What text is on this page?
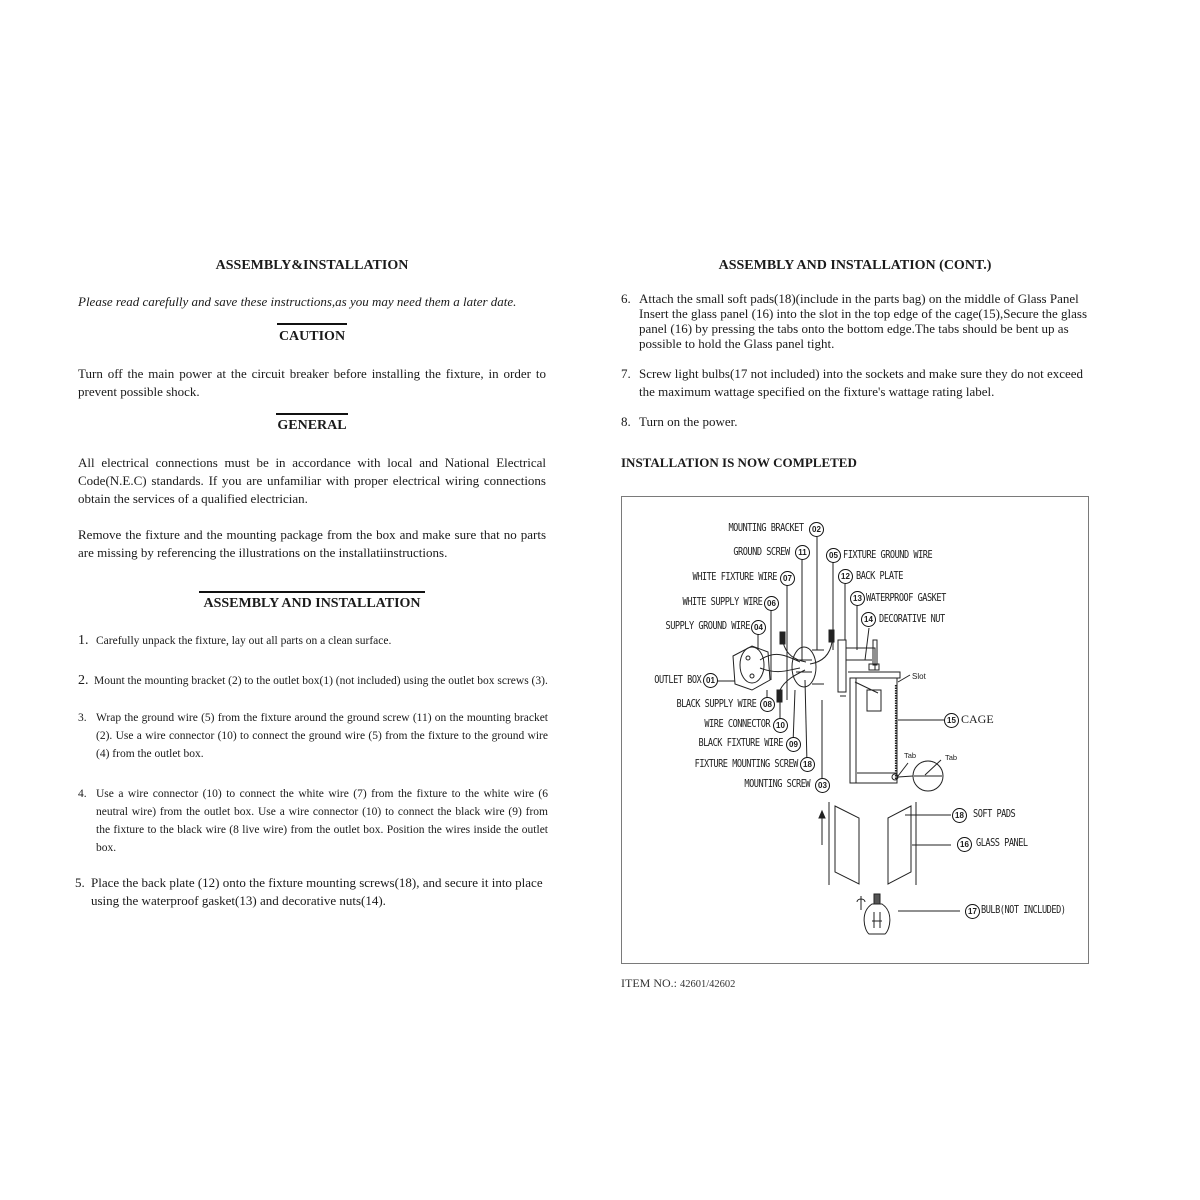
ASSEMBLY&INSTALLATION
Please read carefully and save these instructions,as you may need them a later date.
CAUTION
Turn off the main power at the circuit breaker before installing the fixture, in order to prevent possible shock.
GENERAL
All electrical connections must be in accordance with local and National Electrical Code(N.E.C) standards. If you are unfamiliar with proper electrical wiring connections obtain the services of a qualified electrician.
Remove the fixture and the mounting package from the box and make sure that no parts are missing by referencing the illustrations on the installatiinstructions.
ASSEMBLY AND INSTALLATION
1. Carefully unpack the fixture, lay out all parts on a clean surface.
2. Mount the mounting bracket (2) to the outlet box(1) (not included) using the outlet box screws (3).
3. Wrap the ground wire (5) from the fixture around the ground screw (11) on the mounting bracket (2). Use a wire connector (10) to connect the ground wire (5) from the fixture to the ground wire (4) from the outlet box.
4. Use a wire connector (10) to connect the white wire (7) from the fixture to the white wire (6 neutral wire) from the outlet box. Use a wire connector (10) to connect the black wire (9) from the fixture to the black wire (8 live wire) from the outlet box. Position the wires inside the outlet box.
5. Place the back plate (12) onto the fixture mounting screws(18), and secure it into place using the waterproof gasket(13) and decorative nuts(14).
ASSEMBLY AND INSTALLATION (CONT.)
6. Attach the small soft pads(18)(include in the parts bag) on the middle of Glass Panel Insert the glass panel (16) into the slot in the top edge of the cage(15),Secure the glass panel (16) by pressing the tabs onto the bottom edge.The tabs should be bent up as possible to hold the Glass panel tight.
7. Screw light bulbs(17 not included) into the sockets and make sure they do not exceed the maximum wattage specified on the fixture's wattage rating label.
8. Turn on the power.
INSTALLATION IS NOW COMPLETED
Slot
Tab	Tab
MOUNTING BRACKET	02
GROUND SCREW	11
WHITE FIXTURE WIRE 07
WHITE SUPPLY WIRE 06
SUPPLY GROUND WIRE 04
05 FIXTURE GROUND WIRE
12 BACK PLATE
13 WATERPROOF GASKET
14 DECORATIVE NUT
OUTLET BOX 01
BLACK SUPPLY WIRE 08
WIRE CONNECTOR 10
BLACK FIXTURE WIRE 09
FIXTURE MOUNTING SCREW 18
MOUNTING SCREW	03
15 CAGE
18 SOFT PADS
16 GLASS PANEL
17 BULB(NOT INCLUDED)
ITEM NO.: 42601/42602
